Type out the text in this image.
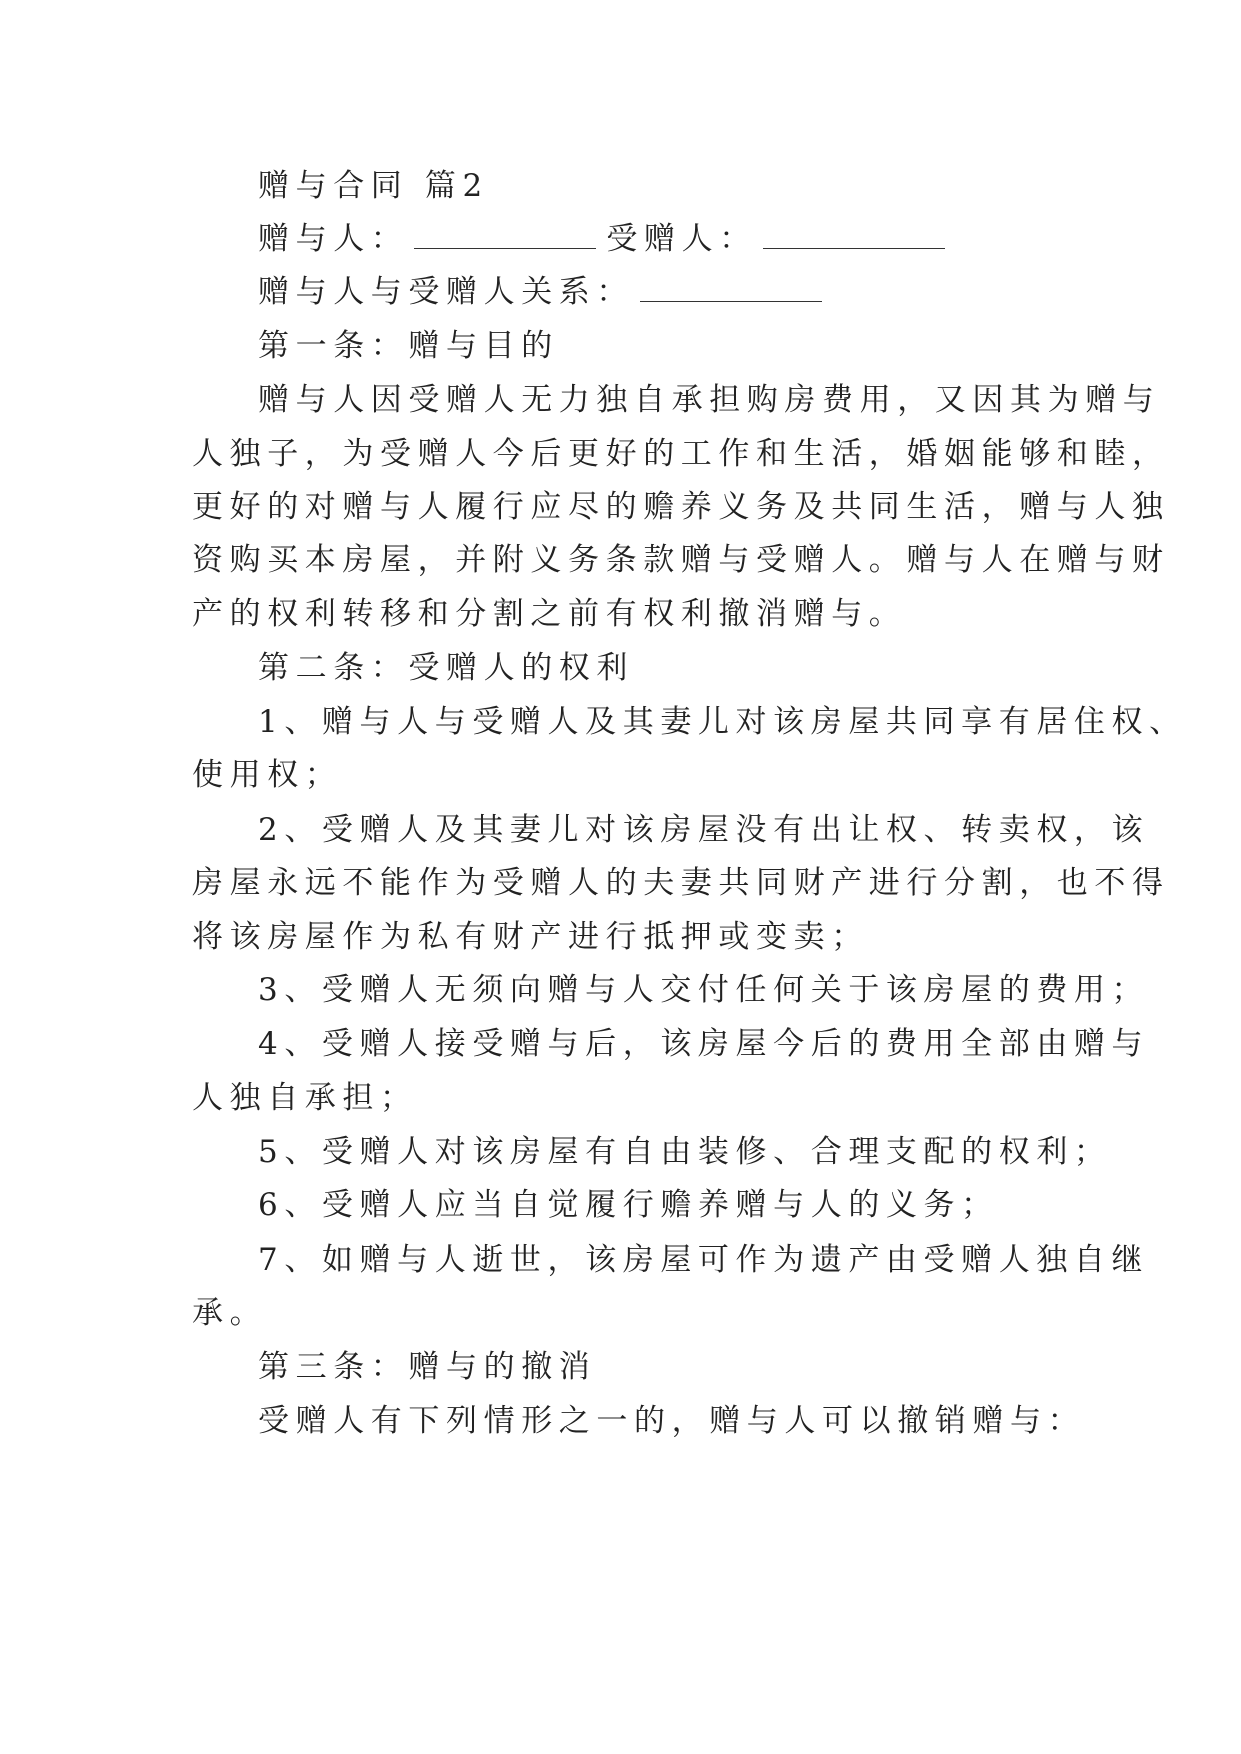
赠与合同 篇2
赠与人：	受赠人：
赠与人与受赠人关系：
第一条：赠与目的
赠与人因受赠人无力独自承担购房费用，又因其为赠与
人独子，为受赠人今后更好的工作和生活，婚姻能够和睦，
更好的对赠与人履行应尽的赡养义务及共同生活，赠与人独
资购买本房屋，并附义务条款赠与受赠人。赠与人在赠与财
产的权利转移和分割之前有权利撤消赠与。
第二条：受赠人的权利
1、赠与人与受赠人及其妻儿对该房屋共同享有居住权、
使用权；
2、受赠人及其妻儿对该房屋没有出让权、转卖权，该
房屋永远不能作为受赠人的夫妻共同财产进行分割，也不得
将该房屋作为私有财产进行抵押或变卖；
3、受赠人无须向赠与人交付任何关于该房屋的费用；
4、受赠人接受赠与后，该房屋今后的费用全部由赠与
人独自承担；
5、受赠人对该房屋有自由装修、合理支配的权利；
6、受赠人应当自觉履行赡养赠与人的义务；
7、如赠与人逝世，该房屋可作为遗产由受赠人独自继
承。
第三条：赠与的撤消
受赠人有下列情形之一的，赠与人可以撤销赠与：
